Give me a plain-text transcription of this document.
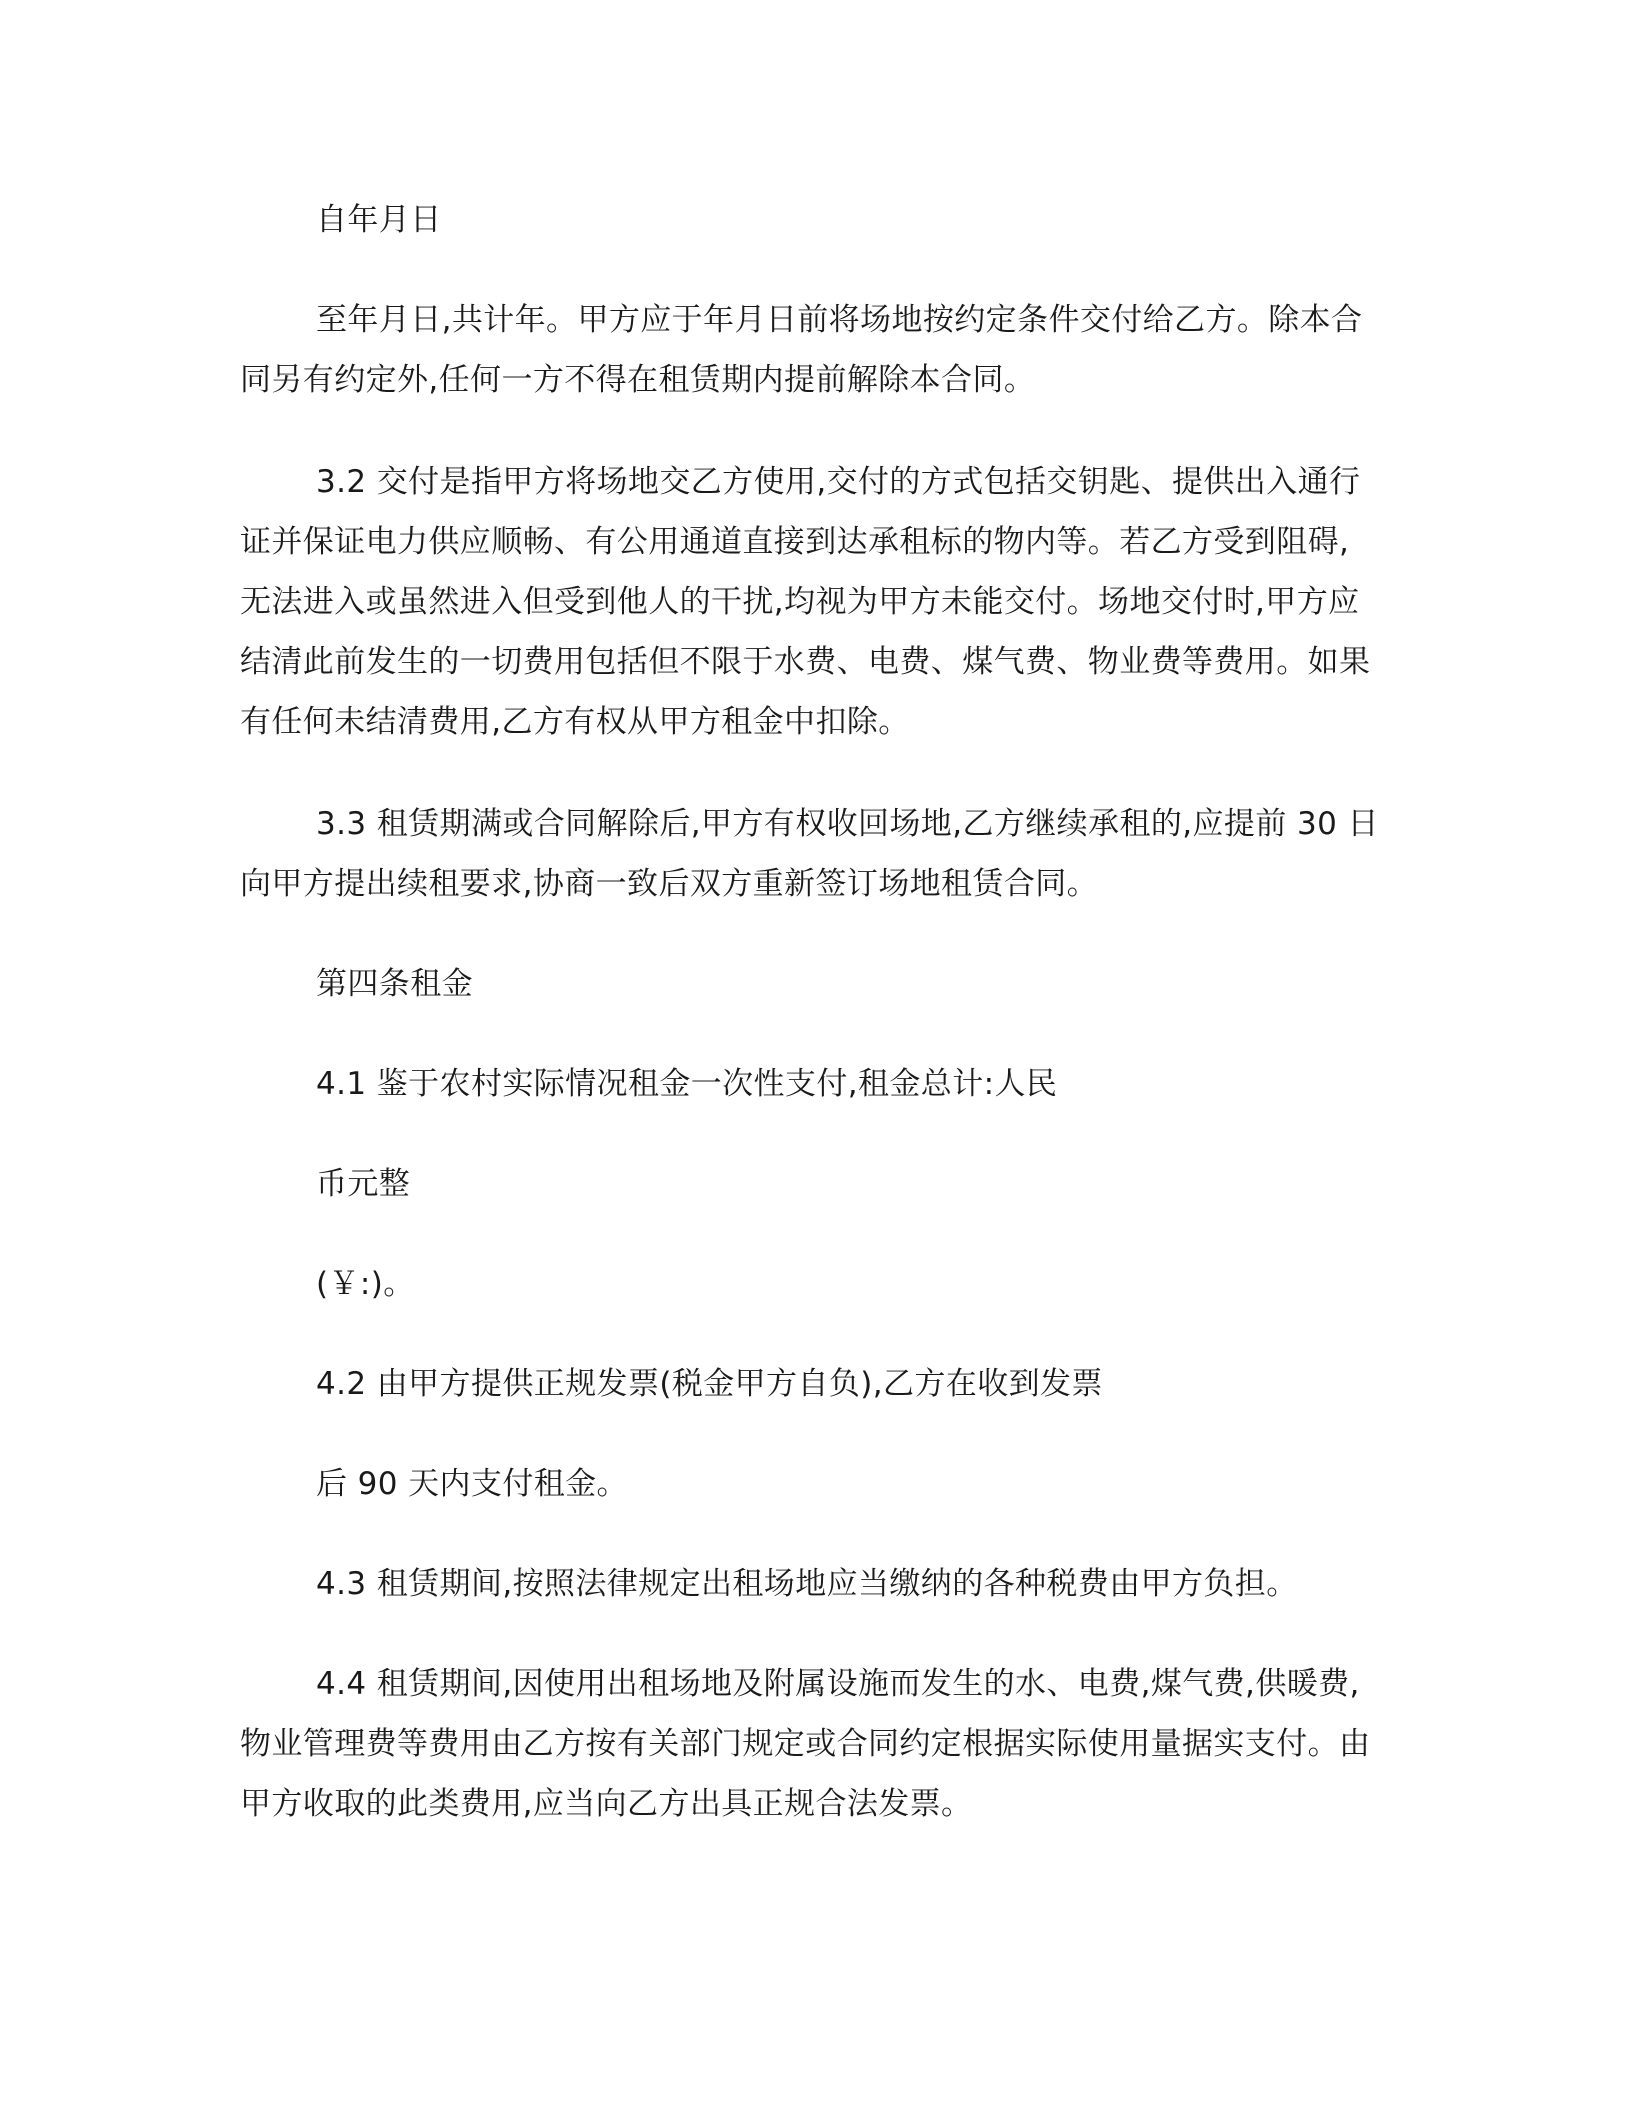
自年月日

至年月日,共计年。甲方应于年月日前将场地按约定条件交付给乙方。除本合同另有约定外,任何一方不得在租赁期内提前解除本合同。

3.2 交付是指甲方将场地交乙方使用,交付的方式包括交钥匙、提供出入通行证并保证电力供应顺畅、有公用通道直接到达承租标的物内等。若乙方受到阻碍,无法进入或虽然进入但受到他人的干扰,均视为甲方未能交付。场地交付时,甲方应结清此前发生的一切费用包括但不限于水费、电费、煤气费、物业费等费用。如果有任何未结清费用,乙方有权从甲方租金中扣除。

3.3 租赁期满或合同解除后,甲方有权收回场地,乙方继续承租的,应提前 30 日向甲方提出续租要求,协商一致后双方重新签订场地租赁合同。

第四条租金

4.1 鉴于农村实际情况租金一次性支付,租金总计:人民

币元整

(￥:)。

4.2 由甲方提供正规发票(税金甲方自负),乙方在收到发票

后 90 天内支付租金。

4.3 租赁期间,按照法律规定出租场地应当缴纳的各种税费由甲方负担。

4.4 租赁期间,因使用出租场地及附属设施而发生的水、电费,煤气费,供暖费,物业管理费等费用由乙方按有关部门规定或合同约定根据实际使用量据实支付。由甲方收取的此类费用,应当向乙方出具正规合法发票。
